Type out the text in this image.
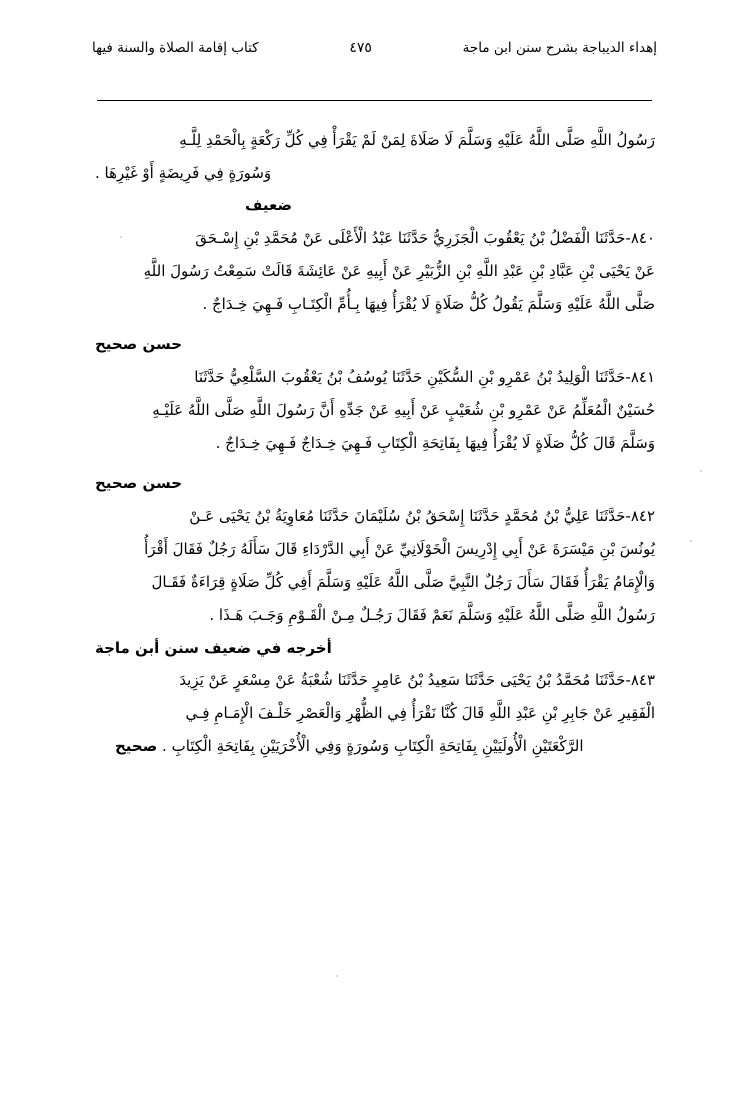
إهداء الديباجة بشرح سنن ابن ماجة
٤٧٥
كتاب إقامة الصلاة والسنة فيها
رَسُولُ اللَّهِ صَلَّى اللَّهُ عَلَيْهِ وَسَلَّمَ لَا صَلَاةَ لِمَنْ لَمْ يَقْرَأْ فِي كُلِّ رَكْعَةٍ بِالْحَمْدِ لِلَّـهِ
وَسُورَةٍ فِي فَرِيضَةٍ أَوْ غَيْرِهَا .
ضعيف
٨٤٠-حَدَّثَنَا الْفَضْلُ بْنُ يَعْقُوبَ الْجَزَرِيُّ حَدَّثَنَا عَبْدُ الْأَعْلَى عَنْ مُحَمَّدِ بْنِ إِسْـحَقَ
عَنْ يَحْيَى بْنِ عَبَّادِ بْنِ عَبْدِ اللَّهِ بْنِ الزُّبَيْرِ عَنْ أَبِيهِ عَنْ عَائِشَةَ قَالَتْ سَمِعْتُ رَسُولَ اللَّهِ
صَلَّى اللَّهُ عَلَيْهِ وَسَلَّمَ يَقُولُ كُلُّ صَلَاةٍ لَا يُقْرَأُ فِيهَا بِـأُمِّ الْكِتَـابِ فَـهِيَ خِـدَاجٌ .
حسن صحيح
٨٤١-حَدَّثَنَا الْوَلِيدُ بْنُ عَمْرِو بْنِ السُّكَيْنِ حَدَّثَنَا يُوسُفُ بْنُ يَعْقُوبَ السَّلْعِيُّ حَدَّثَنَا
حُسَيْنٌ الْمُعَلِّمُ عَنْ عَمْرِو بْنِ شُعَيْبٍ عَنْ أَبِيهِ عَنْ جَدِّهِ أَنَّ رَسُولَ اللَّهِ صَلَّى اللَّهُ عَلَيْـهِ
وَسَلَّمَ قَالَ كُلُّ صَلَاةٍ لَا يُقْرَأُ فِيهَا بِفَاتِحَةِ الْكِتَابِ فَـهِيَ خِـدَاجٌ فَـهِيَ خِـدَاجٌ .
حسن صحيح
٨٤٢-حَدَّثَنَا عَلِيُّ بْنُ مُحَمَّدٍ حَدَّثَنَا إِسْحَقُ بْنُ سُلَيْمَانَ حَدَّثَنَا مُعَاوِيَةُ بْنُ يَحْيَى عَـنْ
يُونُسَ بْنِ مَيْسَرَةَ عَنْ أَبِي إِدْرِيسَ الْخَوْلَانِيِّ عَنْ أَبِي الدَّرْدَاءِ قَالَ سَأَلَهُ رَجُلٌ فَقَالَ أَقْرَأُ
وَالْإِمَامُ يَقْرَأُ فَقَالَ سَأَلَ رَجُلٌ النَّبِيَّ صَلَّى اللَّهُ عَلَيْهِ وَسَلَّمَ أَفِي كُلِّ صَلَاةٍ قِرَاءَةٌ فَقَـالَ
رَسُولُ اللَّهِ صَلَّى اللَّهُ عَلَيْهِ وَسَلَّمَ نَعَمْ فَقَالَ رَجُـلٌ مِـنْ الْقَـوْمِ وَجَـبَ هَـذَا .
أخرجه في ضعيف سنن أبن ماجة
٨٤٣-حَدَّثَنَا مُحَمَّدُ بْنُ يَحْيَى حَدَّثَنَا سَعِيدُ بْنُ عَامِرٍ حَدَّثَنَا شُعْبَةُ عَنْ مِسْعَرٍ عَنْ يَزِيدَ
الْفَقِيرِ عَنْ جَابِرِ بْنِ عَبْدِ اللَّهِ قَالَ كُنَّا نَقْرَأُ فِي الظُّهْرِ وَالْعَصْرِ خَلْـفَ الْإِمَـامِ فِـي
الرَّكْعَتَيْنِ الْأُولَيَيْنِ بِفَاتِحَةِ الْكِتَابِ وَسُورَةٍ وَفِي الْأُخْرَيَيْنِ بِفَاتِحَةِ الْكِتَابِ . صحيح
